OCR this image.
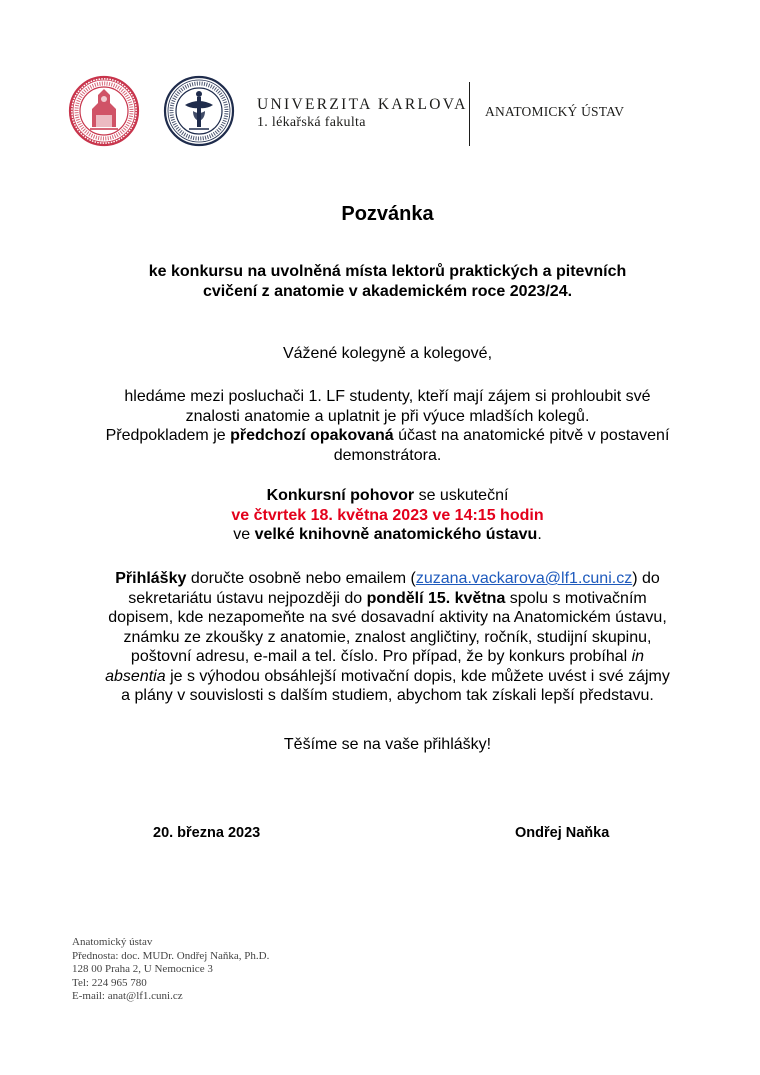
UNIVERZITA KARLOVA
1. lékařská fakulta
ANATOMICKÝ ÚSTAV
Pozvánka
ke konkursu na uvolněná místa lektorů praktických a pitevních
cvičení z anatomie v akademickém roce 2023/24.
Vážené kolegyně a kolegové,
hledáme mezi posluchači 1. LF studenty, kteří mají zájem si prohloubit své
znalosti anatomie a uplatnit je při výuce mladších kolegů.
Předpokladem je předchozí opakovaná účast na anatomické pitvě v postavení
demonstrátora.
Konkursní pohovor se uskuteční
ve čtvrtek 18. května 2023 ve 14:15 hodin
ve velké knihovně anatomického ústavu.
Přihlášky doručte osobně nebo emailem (zuzana.vackarova@lf1.cuni.cz) do
sekretariátu ústavu nejpozději do pondělí 15. května spolu s motivačním
dopisem, kde nezapomeňte na své dosavadní aktivity na Anatomickém ústavu,
známku ze zkoušky z anatomie, znalost angličtiny, ročník, studijní skupinu,
poštovní adresu, e-mail a tel. číslo. Pro případ, že by konkurs probíhal in
absentia je s výhodou obsáhlejší motivační dopis, kde můžete uvést i své zájmy
a plány v souvislosti s dalším studiem, abychom tak získali lepší představu.
Těšíme se na vaše přihlášky!
20. března 2023	Ondřej Naňka
Anatomický ústav
Přednosta: doc. MUDr. Ondřej Naňka, Ph.D.
128 00 Praha 2, U Nemocnice 3
Tel: 224 965 780
E-mail: anat@lf1.cuni.cz
